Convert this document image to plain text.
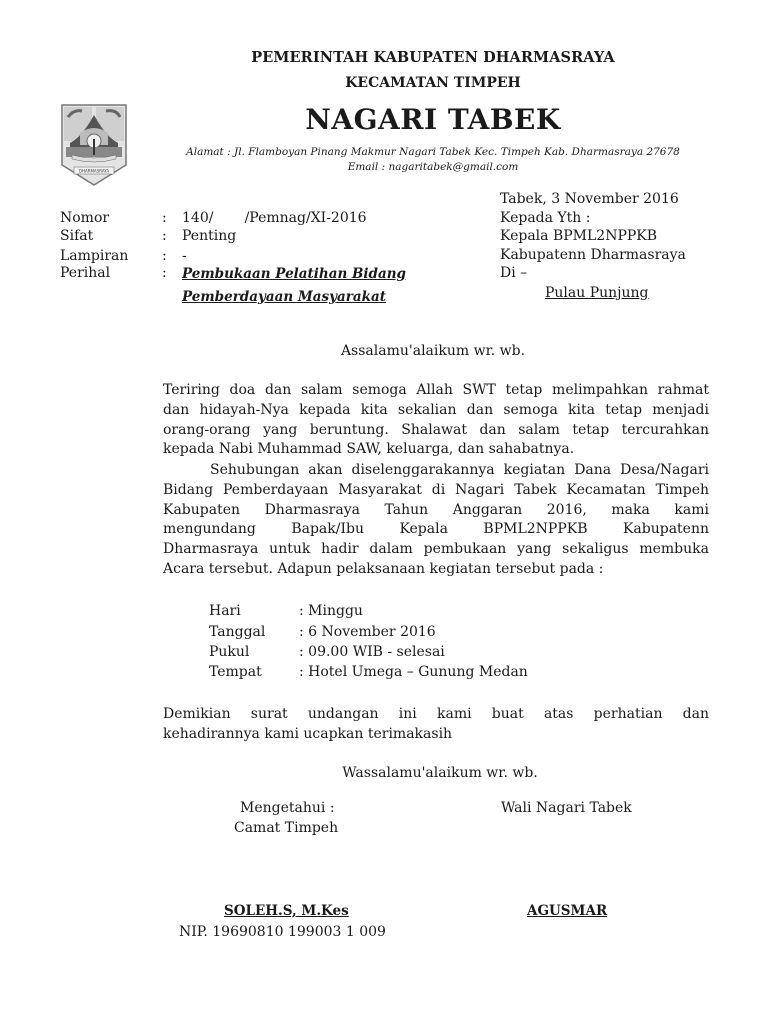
DHARMASRAYA
PEMERINTAH KABUPATEN DHARMASRAYA
KECAMATAN TIMPEH
NAGARI TABEK
Alamat : Jl. Flamboyan Pinang Makmur Nagari Tabek Kec. Timpeh Kab. Dharmasraya 27678
Email : nagaritabek@gmail.com
Nomor	: 140/       /Pemnag/XI-2016
Sifat	: Penting
Lampiran : -
Perihal	: Pembukaan Pelatihan Bidang
Pemberdayaan Masyarakat
Tabek, 3 November 2016
Kepada Yth :
Kepala BPML2NPPKB
Kabupatenn Dharmasraya
Di –
Pulau Punjung
Assalamu'alaikum wr. wb.
Teriring doa dan salam semoga Allah SWT tetap melimpahkan rahmat
dan hidayah-Nya kepada kita sekalian dan semoga kita tetap menjadi
orang-orang yang beruntung. Shalawat dan salam tetap tercurahkan
kepada Nabi Muhammad SAW, keluarga, dan sahabatnya.
Sehubungan akan diselenggarakannya kegiatan Dana Desa/Nagari
Bidang Pemberdayaan Masyarakat di Nagari Tabek Kecamatan Timpeh
Kabupaten Dharmasraya Tahun Anggaran 2016, maka kami
mengundang Bapak/Ibu Kepala BPML2NPPKB Kabupatenn
Dharmasraya untuk hadir dalam pembukaan yang sekaligus membuka
Acara tersebut. Adapun pelaksanaan kegiatan tersebut pada :
Hari	: Minggu
Tanggal : 6 November 2016
Pukul	: 09.00 WIB - selesai
Tempat	: Hotel Umega – Gunung Medan
Demikian surat undangan ini kami buat atas perhatian dan
kehadirannya kami ucapkan terimakasih
Wassalamu'alaikum wr. wb.
Mengetahui :
Camat Timpeh
Wali Nagari Tabek
SOLEH.S, M.Kes
NIP. 19690810 199003 1 009
AGUSMAR
